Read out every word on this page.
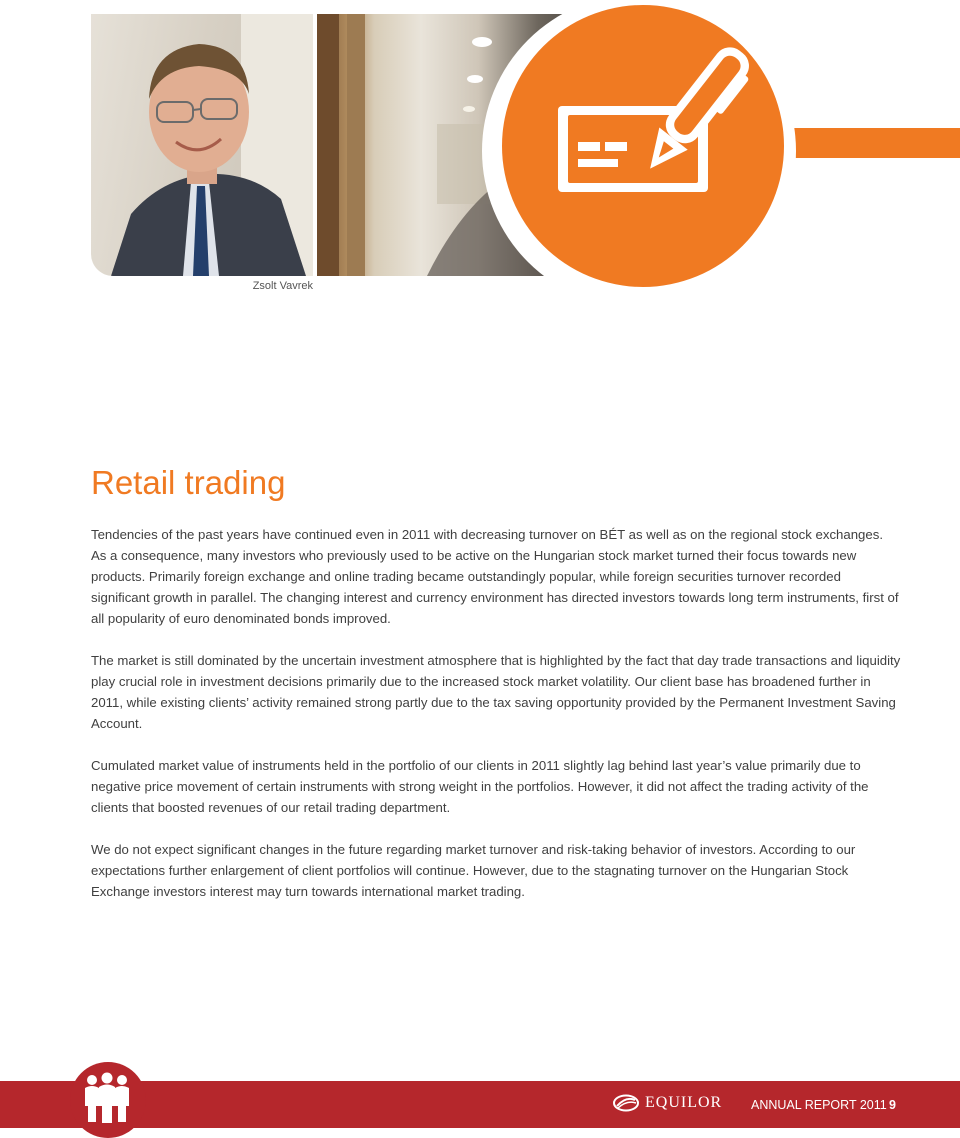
Zsolt Vavrek
Retail trading

Tendencies of the past years have continued even in 2011 with decreasing turnover on BÉT as well as on the regional stock exchanges. As a consequence, many investors who previously used to be active on the Hungarian stock market turned their focus towards new products. Primarily foreign exchange and online trading became outstandingly popular, while foreign securities turnover recorded significant growth in parallel. The changing interest and currency environment has directed investors towards long term instruments, first of all popularity of euro denominated bonds improved.

The market is still dominated by the uncertain investment atmosphere that is highlighted by the fact that day trade transactions and liquidity play crucial role in investment decisions primarily due to the increased stock market volatility. Our client base has broadened further in 2011, while existing clients’ activity remained strong partly due to the tax saving opportunity provided by the Permanent Investment Saving Account.

Cumulated market value of instruments held in the portfolio of our clients in 2011 slightly lag behind last year’s value primarily due to negative price movement of certain instruments with strong weight in the portfolios. However, it did not affect the trading activity of the clients that boosted revenues of our retail trading department.

We do not expect significant changes in the future regarding market turnover and risk-taking behavior of investors. According to our expectations further enlargement of client portfolios will continue. However, due to the stagnating turnover on the Hungarian Stock Exchange investors interest may turn towards international market trading.

EQUILOR ANNUAL REPORT 2011 9
